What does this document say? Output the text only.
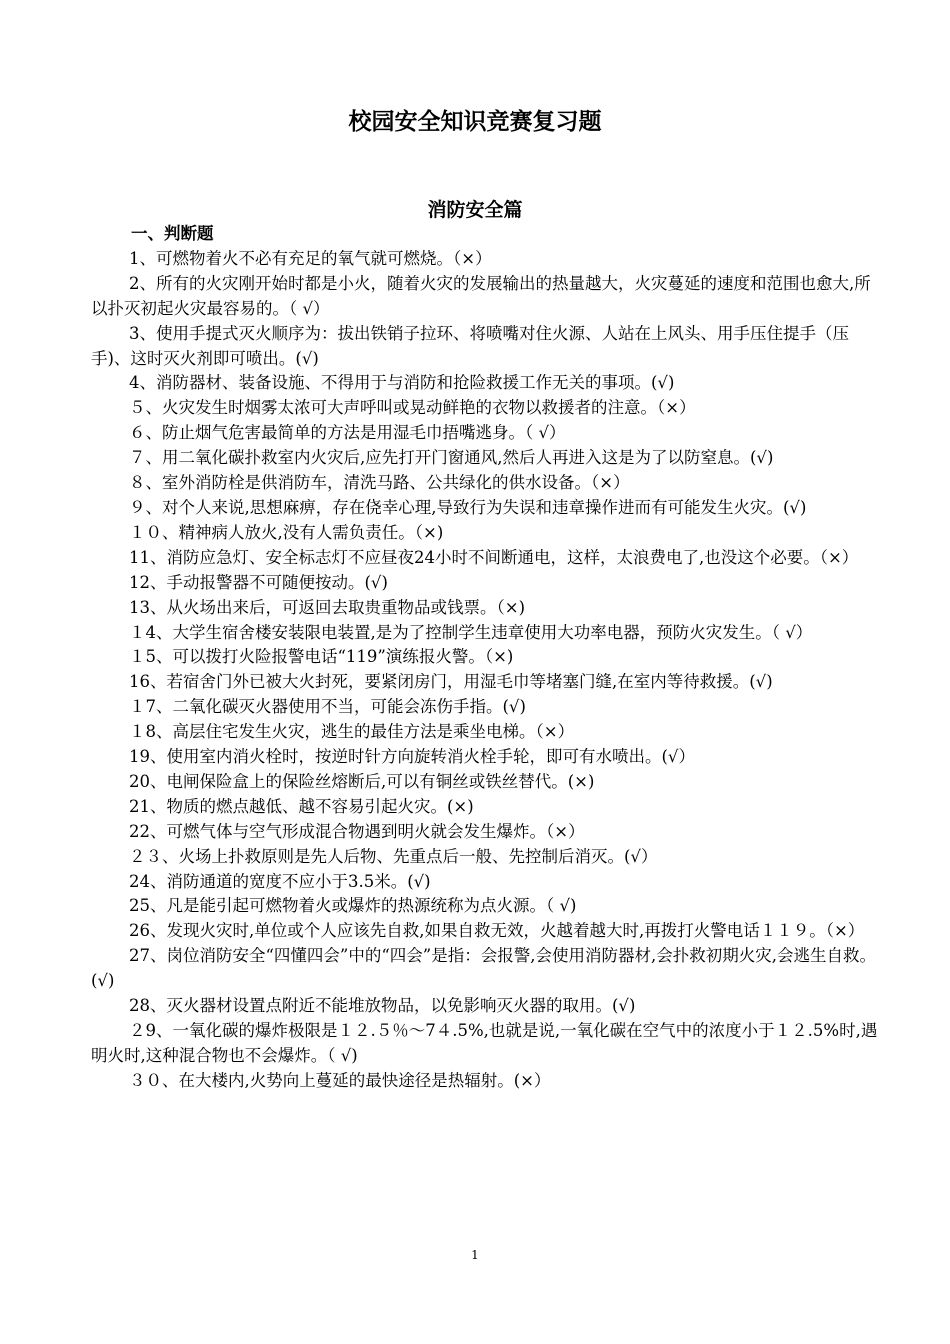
校园安全知识竞赛复习题
消防安全篇
一、判断题
1、可燃物着火不必有充足的氧气就可燃烧。（×）
2、所有的火灾刚开始时都是小火，随着火灾的发展输出的热量越大，火灾蔓延的速度和范围也愈大,所以扑灭初起火灾最容易的。（ √）
3、使用手提式灭火顺序为：拔出铁销子拉环、将喷嘴对住火源、人站在上风头、用手压住提手（压手)、这时灭火剂即可喷出。(√)
4、消防器材、装备设施、不得用于与消防和抢险救援工作无关的事项。(√)
５、火灾发生时烟雾太浓可大声呼叫或晃动鲜艳的衣物以救援者的注意。（×）
６、防止烟气危害最简单的方法是用湿毛巾捂嘴逃身。（ √）
７、用二氧化碳扑救室内火灾后,应先打开门窗通风,然后人再进入这是为了以防窒息。(√)
８、室外消防栓是供消防车，清洗马路、公共绿化的供水设备。（×）
９、对个人来说,思想麻痹，存在侥幸心理,导致行为失误和违章操作进而有可能发生火灾。(√)
１０、精神病人放火,没有人需负责任。（×)
11、消防应急灯、安全标志灯不应昼夜24小时不间断通电，这样，太浪费电了,也没这个必要。（×）
12、手动报警器不可随便按动。(√)
13、从火场出来后，可返回去取贵重物品或钱票。（×)
１4、大学生宿舍楼安装限电装置,是为了控制学生违章使用大功率电器，预防火灾发生。（ √）
１5、可以拨打火险报警电话“119”演练报火警。（×)
16、若宿舍门外已被大火封死，要紧闭房门，用湿毛巾等堵塞门缝,在室内等待救援。(√)
１7、二氧化碳灭火器使用不当，可能会冻伤手指。(√)
１8、高层住宅发生火灾，逃生的最佳方法是乘坐电梯。（×）
19、使用室内消火栓时，按逆时针方向旋转消火栓手轮，即可有水喷出。(√）
20、电闸保险盒上的保险丝熔断后,可以有铜丝或铁丝替代。(×)
21、物质的燃点越低、越不容易引起火灾。(×)
22、可燃气体与空气形成混合物遇到明火就会发生爆炸。（×）
２３、火场上扑救原则是先人后物、先重点后一般、先控制后消灭。(√）
24、消防通道的宽度不应小于3.5米。(√)
25、凡是能引起可燃物着火或爆炸的热源统称为点火源。（ √)
26、发现火灾时,单位或个人应该先自救,如果自救无效，火越着越大时,再拨打火警电话１１９。（×）
27、岗位消防安全“四懂四会”中的“四会”是指：会报警,会使用消防器材,会扑救初期火灾,会逃生自救。(√)
28、灭火器材设置点附近不能堆放物品，以免影响灭火器的取用。(√)
２9、一氧化碳的爆炸极限是１２.５％～7４.5%,也就是说,一氧化碳在空气中的浓度小于１２.5%时,遇明火时,这种混合物也不会爆炸。（ √)
３０、在大楼内,火势向上蔓延的最快途径是热辐射。(×）
1
